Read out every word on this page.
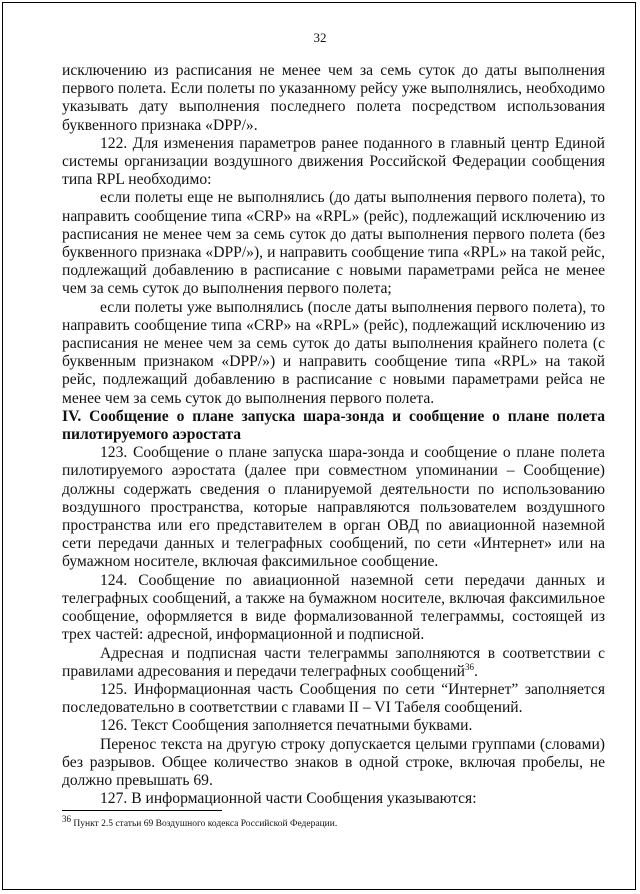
32

исключению из расписания не менее чем за семь суток до даты выполнения первого полета. Если полеты по указанному рейсу уже выполнялись, необходимо указывать дату выполнения последнего полета посредством использования буквенного признака «DPP/».

122. Для изменения параметров ранее поданного в главный центр Единой системы организации воздушного движения Российской Федерации сообщения типа RPL необходимо:

если полеты еще не выполнялись (до даты выполнения первого полета), то направить сообщение типа «CRP» на «RPL» (рейс), подлежащий исключению из расписания не менее чем за семь суток до даты выполнения первого полета (без буквенного признака «DPP/»), и направить сообщение типа «RPL» на такой рейс, подлежащий добавлению в расписание с новыми параметрами рейса не менее чем за семь суток до выполнения первого полета;

если полеты уже выполнялись (после даты выполнения первого полета), то направить сообщение типа «CRP» на «RPL» (рейс), подлежащий исключению из расписания не менее чем за семь суток до даты выполнения крайнего полета (с буквенным признаком «DPP/») и направить сообщение типа «RPL» на такой рейс, подлежащий добавлению в расписание с новыми параметрами рейса не менее чем за семь суток до выполнения первого полета.

IV. Сообщение о плане запуска шара-зонда и сообщение о плане полета пилотируемого аэростата

123. Сообщение о плане запуска шара-зонда и сообщение о плане полета пилотируемого аэростата (далее при совместном упоминании – Сообщение) должны содержать сведения о планируемой деятельности по использованию воздушного пространства, которые направляются пользователем воздушного пространства или его представителем в орган ОВД по авиационной наземной сети передачи данных и телеграфных сообщений, по сети «Интернет» или на бумажном носителе, включая факсимильное сообщение.

124. Сообщение по авиационной наземной сети передачи данных и телеграфных сообщений, а также на бумажном носителе, включая факсимильное сообщение, оформляется в виде формализованной телеграммы, состоящей из трех частей: адресной, информационной и подписной.

Адресная и подписная части телеграммы заполняются в соответствии с правилами адресования и передачи телеграфных сообщений$^{36}$.

125. Информационная часть Сообщения по сети “Интернет” заполняется последовательно в соответствии с главами II – VI Табеля сообщений.

126. Текст Сообщения заполняется печатными буквами.

Перенос текста на другую строку допускается целыми группами (словами) без разрывов. Общее количество знаков в одной строке, включая пробелы, не должно превышать 69.

127. В информационной части Сообщения указываются:

$^{36}$ Пункт 2.5 статьи 69 Воздушного кодекса Российской Федерации.
